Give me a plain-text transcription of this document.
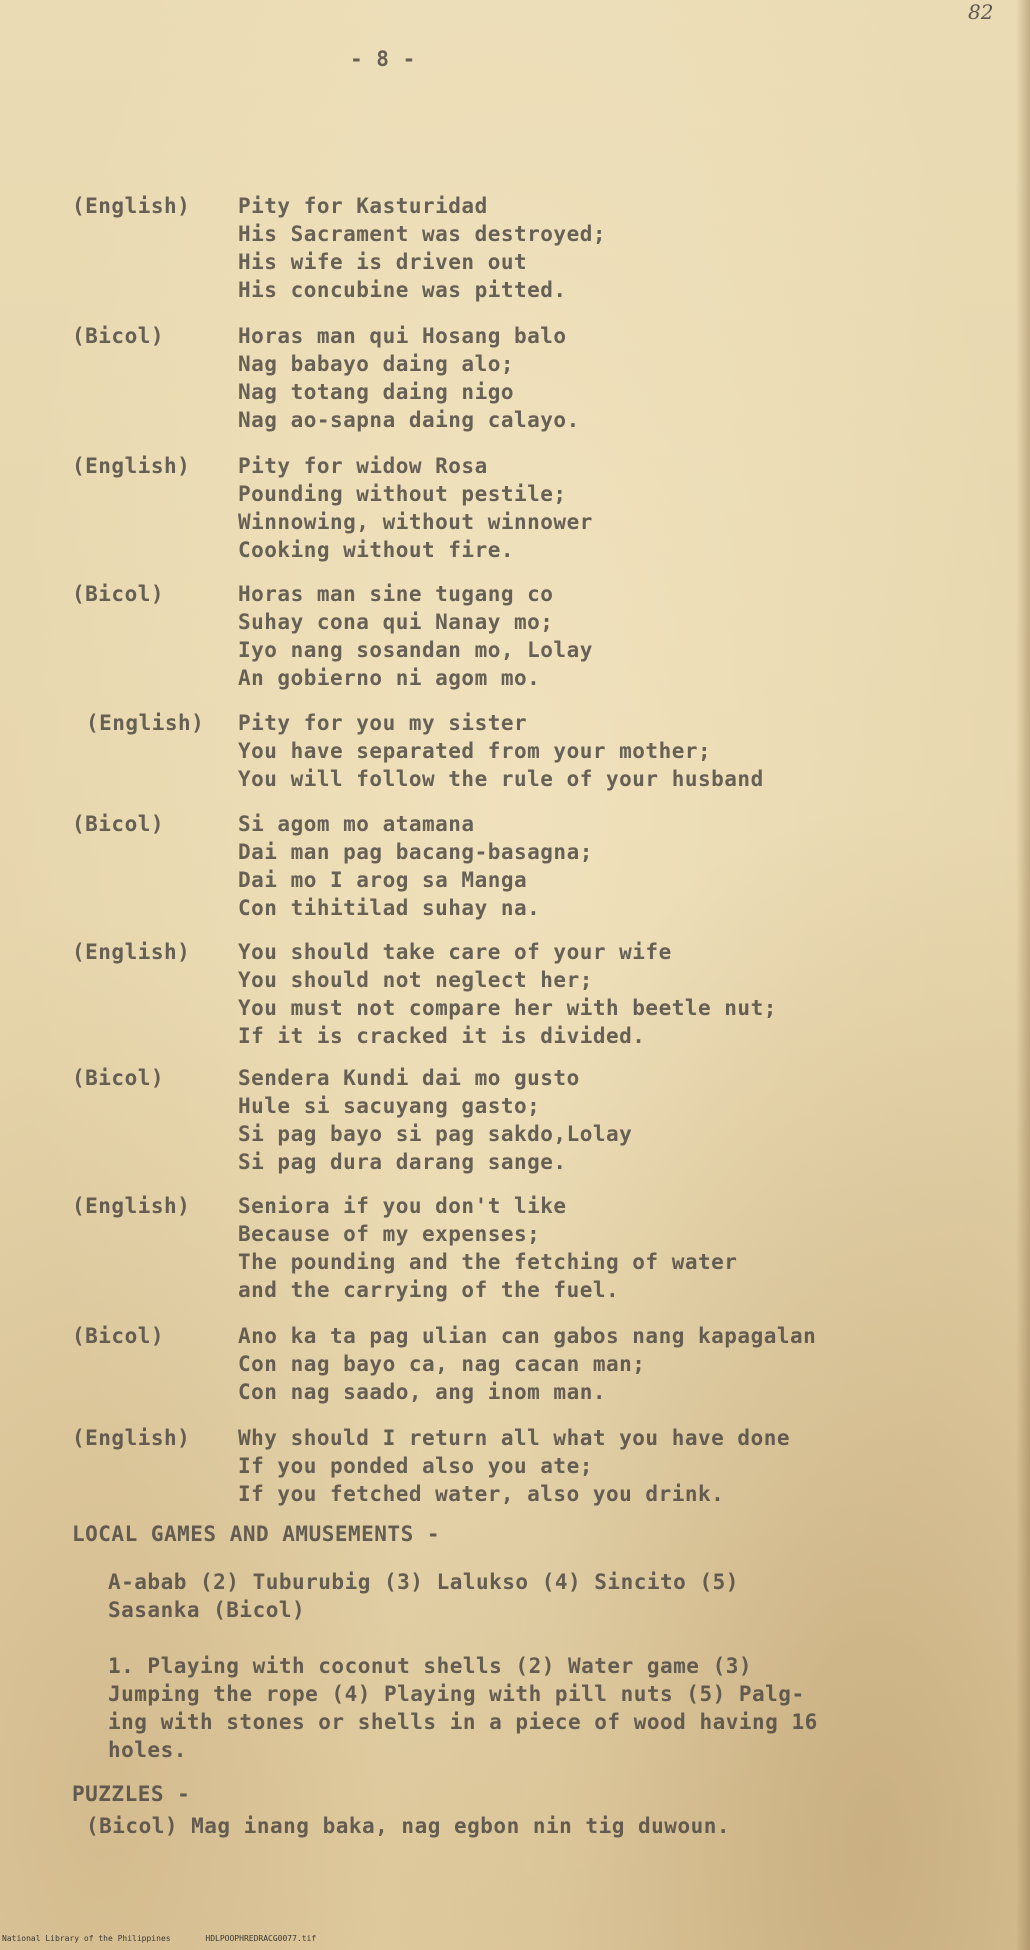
82
- 8 -
(English) Pity for Kasturidad
His Sacrament was destroyed;
His wife is driven out
His concubine was pitted.
(Bicol)	Horas man qui Hosang balo
Nag babayo daing alo;
Nag totang daing nigo
Nag ao-sapna daing calayo.
(English) Pity for widow Rosa
Pounding without pestile;
Winnowing, without winnower
Cooking without fire.
(Bicol)	Horas man sine tugang co
Suhay cona qui Nanay mo;
Iyo nang sosandan mo, Lolay
An gobierno ni agom mo.
(English) Pity for you my sister
You have separated from your mother;
You will follow the rule of your husband
(Bicol)	Si agom mo atamana
Dai man pag bacang-basagna;
Dai mo I arog sa Manga
Con tihitilad suhay na.
(English) You should take care of your wife
You should not neglect her;
You must not compare her with beetle nut;
If it is cracked it is divided.
(Bicol)	Sendera Kundi dai mo gusto
Hule si sacuyang gasto;
Si pag bayo si pag sakdo,Lolay
Si pag dura darang sange.
(English) Seniora if you don't like
Because of my expenses;
The pounding and the fetching of water
and the carrying of the fuel.
(Bicol)	Ano ka ta pag ulian can gabos nang kapagalan
Con nag bayo ca, nag cacan man;
Con nag saado, ang inom man.
(English) Why should I return all what you have done
If you ponded also you ate;
If you fetched water, also you drink.
LOCAL GAMES AND AMUSEMENTS -
A-abab (2) Tuburubig (3) Lalukso (4) Sincito (5)
Sasanka (Bicol)
1. Playing with coconut shells (2) Water game (3)
Jumping the rope (4) Playing with pill nuts (5) Palg-
ing with stones or shells in a piece of wood having 16
holes.
PUZZLES -
(Bicol) Mag inang baka, nag egbon nin tig duwoun.
National Library of the Philippines	HDLPOOPHREDRACG0077.tif
